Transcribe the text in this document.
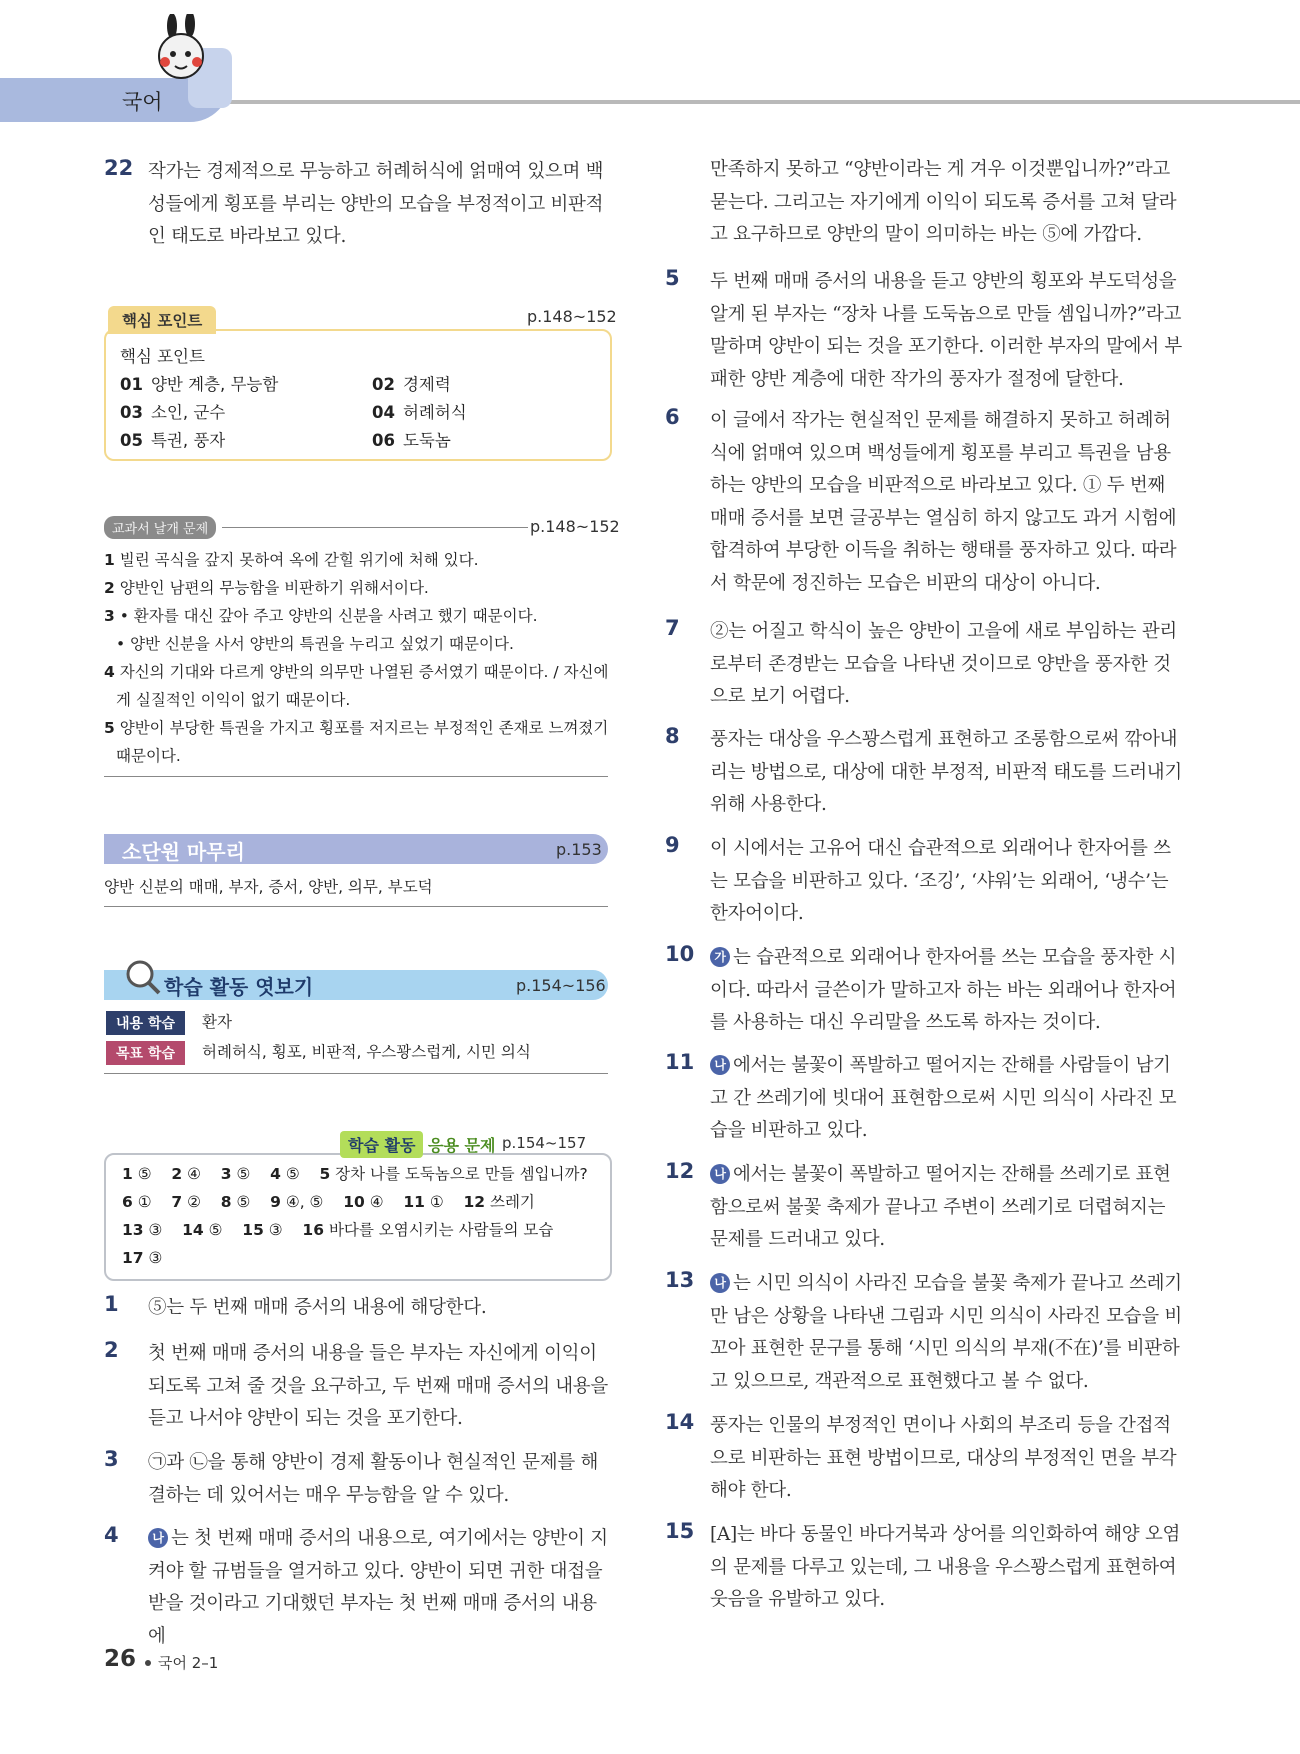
국어
22 작가는 경제적으로 무능하고 허례허식에 얽매여 있으며 백성들에게 횡포를 부리는 양반의 모습을 부정적이고 비판적인 태도로 바라보고 있다.
핵심 포인트	p.148~152
핵심 포인트
01 양반 계층, 무능함	02 경제력
03 소인, 군수	04 허례허식
05 특권, 풍자	06 도둑놈
교과서 날개 문제	p.148~152
1 빌린 곡식을 갚지 못하여 옥에 갇힐 위기에 처해 있다.
2 양반인 남편의 무능함을 비판하기 위해서이다.
3 • 환자를 대신 갚아 주고 양반의 신분을 사려고 했기 때문이다.
• 양반 신분을 사서 양반의 특권을 누리고 싶었기 때문이다.
4 자신의 기대와 다르게 양반의 의무만 나열된 증서였기 때문이다. / 자신에
게 실질적인 이익이 없기 때문이다.
5 양반이 부당한 특권을 가지고 횡포를 저지르는 부정적인 존재로 느껴졌기
때문이다.
소단원 마무리	p.153
양반 신분의 매매, 부자, 증서, 양반, 의무, 부도덕
학습 활동 엿보기	p.154~156
내용 학습	환자
목표 학습	허례허식, 횡포, 비판적, 우스꽝스럽게, 시민 의식
학습 활동 응용 문제 p.154~157
1 ⑤ 2 ④ 3 ⑤ 4 ⑤ 5 장차 나를 도둑놈으로 만들 셈입니까?
6 ① 7 ② 8 ⑤ 9 ④, ⑤ 10 ④ 11 ① 12 쓰레기
13 ③ 14 ⑤ 15 ③ 16 바다를 오염시키는 사람들의 모습
17 ③
1 ⑤는 두 번째 매매 증서의 내용에 해당한다.
2 첫 번째 매매 증서의 내용을 들은 부자는 자신에게 이익이 되도록 고쳐 줄 것을 요구하고, 두 번째 매매 증서의 내용을 듣고 나서야 양반이 되는 것을 포기한다.
3 ㉠과 ㉡을 통해 양반이 경제 활동이나 현실적인 문제를 해결하는 데 있어서는 매우 무능함을 알 수 있다.
4	나 는 첫 번째 매매 증서의 내용으로, 여기에서는 양반이 지켜야 할 규범들을 열거하고 있다. 양반이 되면 귀한 대접을 받을 것이라고 기대했던 부자는 첫 번째 매매 증서의 내용에
만족하지 못하고 “양반이라는 게 겨우 이것뿐입니까?”라고 묻는다. 그리고는 자기에게 이익이 되도록 증서를 고쳐 달라고 요구하므로 양반의 말이 의미하는 바는 ⑤에 가깝다.
5 두 번째 매매 증서의 내용을 듣고 양반의 횡포와 부도덕성을 알게 된 부자는 “장차 나를 도둑놈으로 만들 셈입니까?”라고 말하며 양반이 되는 것을 포기한다. 이러한 부자의 말에서 부패한 양반 계층에 대한 작가의 풍자가 절정에 달한다.
6 이 글에서 작가는 현실적인 문제를 해결하지 못하고 허례허식에 얽매여 있으며 백성들에게 횡포를 부리고 특권을 남용하는 양반의 모습을 비판적으로 바라보고 있다. ① 두 번째 매매 증서를 보면 글공부는 열심히 하지 않고도 과거 시험에 합격하여 부당한 이득을 취하는 행태를 풍자하고 있다. 따라서 학문에 정진하는 모습은 비판의 대상이 아니다.
7 ②는 어질고 학식이 높은 양반이 고을에 새로 부임하는 관리로부터 존경받는 모습을 나타낸 것이므로 양반을 풍자한 것으로 보기 어렵다.
8 풍자는 대상을 우스꽝스럽게 표현하고 조롱함으로써 깎아내리는 방법으로, 대상에 대한 부정적, 비판적 태도를 드러내기 위해 사용한다.
9 이 시에서는 고유어 대신 습관적으로 외래어나 한자어를 쓰는 모습을 비판하고 있다. ‘조깅’, ‘샤워’는 외래어, ‘냉수’는 한자어이다.
10	가 는 습관적으로 외래어나 한자어를 쓰는 모습을 풍자한 시이다. 따라서 글쓴이가 말하고자 하는 바는 외래어나 한자어를 사용하는 대신 우리말을 쓰도록 하자는 것이다.
11	나 에서는 불꽃이 폭발하고 떨어지는 잔해를 사람들이 남기고 간 쓰레기에 빗대어 표현함으로써 시민 의식이 사라진 모습을 비판하고 있다.
12	나 에서는 불꽃이 폭발하고 떨어지는 잔해를 쓰레기로 표현함으로써 불꽃 축제가 끝나고 주변이 쓰레기로 더렵혀지는 문제를 드러내고 있다.
13	나 는 시민 의식이 사라진 모습을 불꽃 축제가 끝나고 쓰레기만 남은 상황을 나타낸 그림과 시민 의식이 사라진 모습을 비꼬아 표현한 문구를 통해 ‘시민 의식의 부재(不在)’를 비판하고 있으므로, 객관적으로 표현했다고 볼 수 없다.
14 풍자는 인물의 부정적인 면이나 사회의 부조리 등을 간접적으로 비판하는 표현 방법이므로, 대상의 부정적인 면을 부각해야 한다.
15 [A]는 바다 동물인 바다거북과 상어를 의인화하여 해양 오염의 문제를 다루고 있는데, 그 내용을 우스꽝스럽게 표현하여 웃음을 유발하고 있다.
26 국어 2–1
